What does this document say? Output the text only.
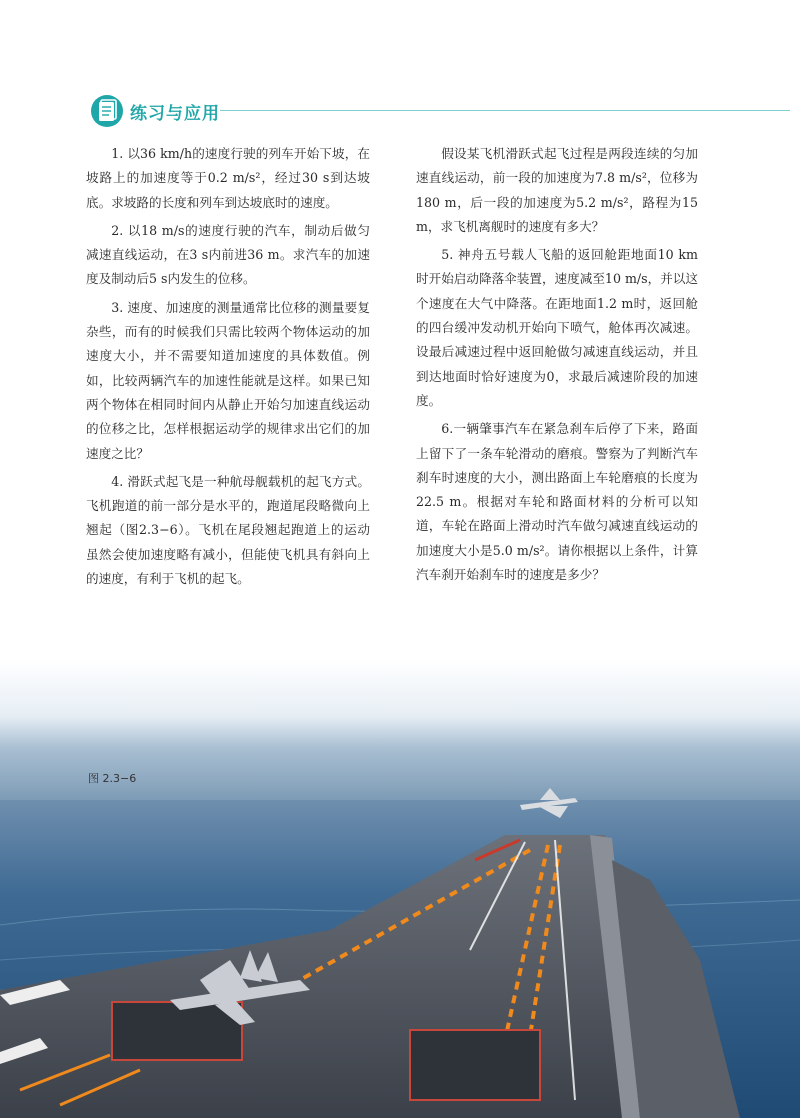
练习与应用

1. 以36 km/h的速度行驶的列车开始下坡，在坡路上的加速度等于0.2 m/s²，经过30 s到达坡底。求坡路的长度和列车到达坡底时的速度。

2. 以18 m/s的速度行驶的汽车，制动后做匀减速直线运动，在3 s内前进36 m。求汽车的加速度及制动后5 s内发生的位移。

3. 速度、加速度的测量通常比位移的测量要复杂些，而有的时候我们只需比较两个物体运动的加速度大小，并不需要知道加速度的具体数值。例如，比较两辆汽车的加速性能就是这样。如果已知两个物体在相同时间内从静止开始匀加速直线运动的位移之比，怎样根据运动学的规律求出它们的加速度之比？

4. 滑跃式起飞是一种航母舰载机的起飞方式。飞机跑道的前一部分是水平的，跑道尾段略微向上翘起（图2.3−6）。飞机在尾段翘起跑道上的运动虽然会使加速度略有减小，但能使飞机具有斜向上的速度，有利于飞机的起飞。

假设某飞机滑跃式起飞过程是两段连续的匀加速直线运动，前一段的加速度为7.8 m/s²，位移为180 m，后一段的加速度为5.2 m/s²，路程为15 m，求飞机离舰时的速度有多大？

5. 神舟五号载人飞船的返回舱距地面10 km时开始启动降落伞装置，速度减至10 m/s，并以这个速度在大气中降落。在距地面1.2 m时，返回舱的四台缓冲发动机开始向下喷气，舱体再次减速。设最后减速过程中返回舱做匀减速直线运动，并且到达地面时恰好速度为0，求最后减速阶段的加速度。

6.一辆肇事汽车在紧急刹车后停了下来，路面上留下了一条车轮滑动的磨痕。警察为了判断汽车刹车时速度的大小，测出路面上车轮磨痕的长度为22.5 m。根据对车轮和路面材料的分析可以知道，车轮在路面上滑动时汽车做匀减速直线运动的加速度大小是5.0 m/s²。请你根据以上条件，计算汽车刹开始刹车时的速度是多少？

图 2.3−6
